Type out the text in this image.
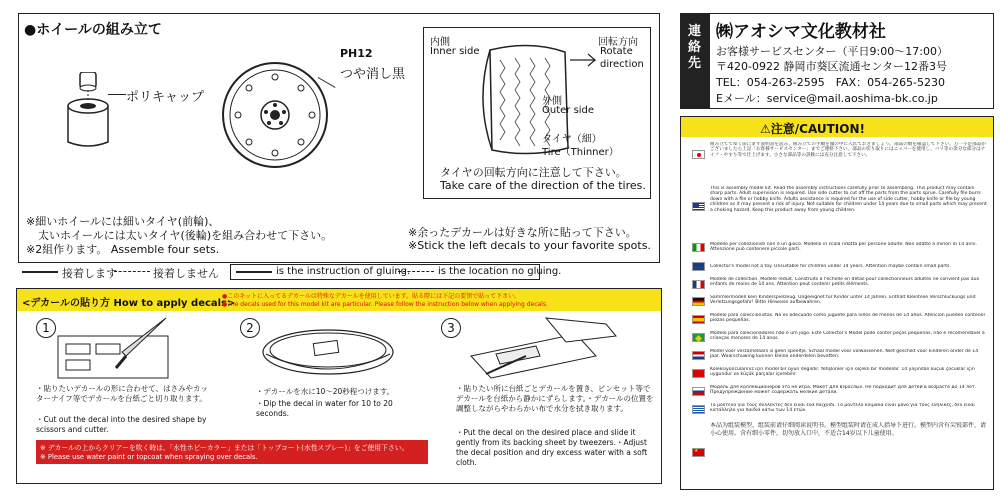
●ホイールの組み立て
ポリキャップ
PH12
つや消し黒
内側
Inner side
回転方向
Rotate
direction
外側
Outer side
タイヤ（細）
Tire（Thinner）
タイヤの回転方向に注意して下さい。
Take care of the direction of the tires.
※細いホイールには細いタイヤ(前輪)、
太いホイールには太いタイヤ(後輪)を組み合わせて下さい。
※2組作ります。 Assemble four sets.
※余ったデカールは好きな所に貼って下さい。
※Stick the left decals to your favorite spots.
接着します	接着しません	is the instruction of gluing.	is the location no gluing.
<デカールの貼り方 How to apply decals>
●このキットに入ってるデカールは特殊なデカールを使用しています。貼る際には下記の要領で貼って下さい。
●The decals used for this model kit are particular. Please follow the instruction below when applying decals.
1
・貼りたいデカールの形に合わせて、はさみやカッターナイフ等でデカールを台紙ごと切り取ります。
・Cut out the decal into the desired shape by scissors and cutter.
2
・デカールを水に10～20秒程つけます。
・Dip the decal in water for 10 to 20 seconds.
3
・貼りたい所に台紙ごとデカールを置き、ピンセット等でデカールを台紙から静かにずらします。・デカールの位置を調整しながらやわらかい布で水分を拭き取ります。
・Put the decal on the desired place and slide it gently from its backing sheet by tweezers.・Adjust the decal position and dry excess water with a soft cloth.
※ デカールの上からクリアーを吹く時は、「水性ホビーカラー」または「トップコート(水性スプレー)」をご使用下さい。
※ Please use water paint or topcoat when spraying over decals.
連絡先
㈱アオシマ文化教材社
お客様サービスセンター（平日9:00～17:00）
〒420-0922 静岡市葵区流通センター12番3号
TEL：054-263-2595　FAX：054-265-5230
Eメール：service@mail.aoshima-bk.co.jp
⚠注意/CAUTION!
組み立ててゆく前にまず説明書を読み、組み立ての手順を頭の中に入れておきましょう。部品の数を確認して下さい。万一不足部品がございましたら上記「お客様サービスセンター」までご連絡下さい。部品の切り取りにはニッパーを使用し、バリ等の余分な部分はナイフ・やすり等で仕上げます。小さな部品等の誤飲には充分注意して下さい。
This is assembly model kit. Read the assembly instructions carefully prior to assembling. This product may contain sharp parts. Adult supervision is required. Use side cutter to cut off the parts from the parts sprue. Carefully file burrs down with a file or hobby knife. Adults assistance is required for the use of side cutter, hobby knife or file by young children as it may present a risk of injury. Not suitable for children under 14 years due to small parts which may present a choking hazard. Keep this product away from young children.
Modello per collezionisti non è un gioco. Modello in scala ridotta per persone adulte. Non adatto a minori di 14 anni. Attenzione può contenere piccole parti.
Collector's model not a toy. Unsuitable for children under 14 years. Attention maybe contain small parts.
Modèle de collection. Modèle réduit. Construits à l'échelle en détail pour collectionneurs adultes ne convient pas aux enfants de moins de 14 ans. Attention peut contenir petits éléments.
Sammlermodell kein Kinderspielzeug. Ungeeignet für Kinder unter 14 Jahren. Enthält Kleinteile Verschluckungs und Verletzungsgefahr! Bitte Hinweise aufbewahren.
Modelo para coleccionistas. No es adecuado como juguete para niños de menos de 14 años. Atención pueden contener piezas pequeñas.
Modelo para colecionadores não é um jogo. Este Collector's Model pode conter peças pequenas, não é recomendável a crianças menores de 14 anos.
Model voor verzamelaars is geen speeltje. Schaal model voor volwassenen. Niet geschikt voor kinderen onder de 14 jaar. Waarschuwing kunnen kleine onderdelen bevatten.
Koleksiyonculariniz için model bir oyun değildir. Yetişkinler için ölçekli bir modeldir. 14 yaşından küçük çocuklar için uygundur ve küçük parçalar içerebilir.
Модель для коллекционеров это не игра. Макет для взрослых. Не подходит для детей в возрасте до 14 лет. Предупреждение может содержать мелкие детали.
Το μοντέλο για τους συλλέκτες δεν είναι ένα παιχνίδι. Το μοντέλο κλίμακα είναι μόνο για τους ενήλικες, δεν είναι κατάλληλο για παιδιά κάτω των 14 ετών.
★
本品为组装模型，组装前请仔细阅读说明书。模型组装时请在成人指导下进行。模型内含有尖锐部件，请小心使用。含有细小零件，切勿放入口中，不适合14岁以下儿童使用。
